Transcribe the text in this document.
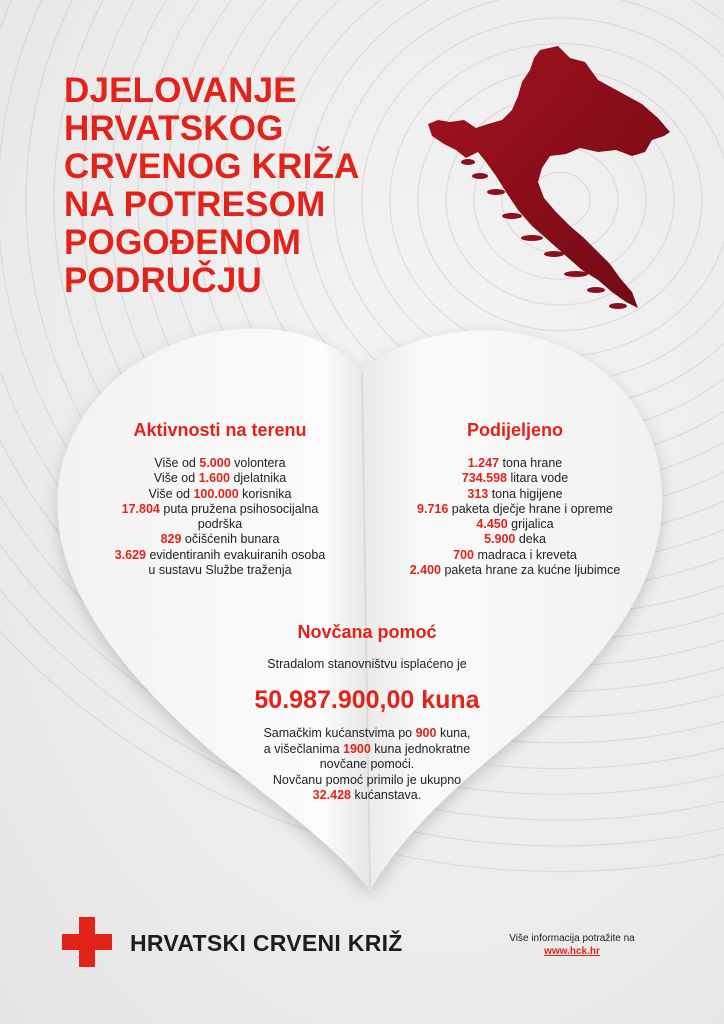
DJELOVANJE
HRVATSKOG
CRVENOG KRIŽA
NA POTRESOM
POGOĐENOM
PODRUČJU
Aktivnosti na terenu
Više od 5.000 volontera
Više od 1.600 djelatnika
Više od 100.000 korisnika
17.804 puta pružena psihosocijalna
podrška
829 očišćenih bunara
3.629 evidentiranih evakuiranih osoba
u sustavu Službe traženja
Podijeljeno
1.247 tona hrane
734.598 litara vode
313 tona higijene
9.716 paketa dječje hrane i opreme
4.450 grijalica
5.900 deka
700 madraca i kreveta
2.400 paketa hrane za kućne ljubimce
Novčana pomoć
Stradalom stanovništvu isplaćeno je
50.987.900,00 kuna
Samačkim kućanstvima po 900 kuna,
a višečlanima 1900 kuna jednokratne
novčane pomoći.
Novčanu pomoć primilo je ukupno
32.428 kućanstava.
HRVATSKI CRVENI KRIŽ	Više informacija potražite na
www.hck.hr
